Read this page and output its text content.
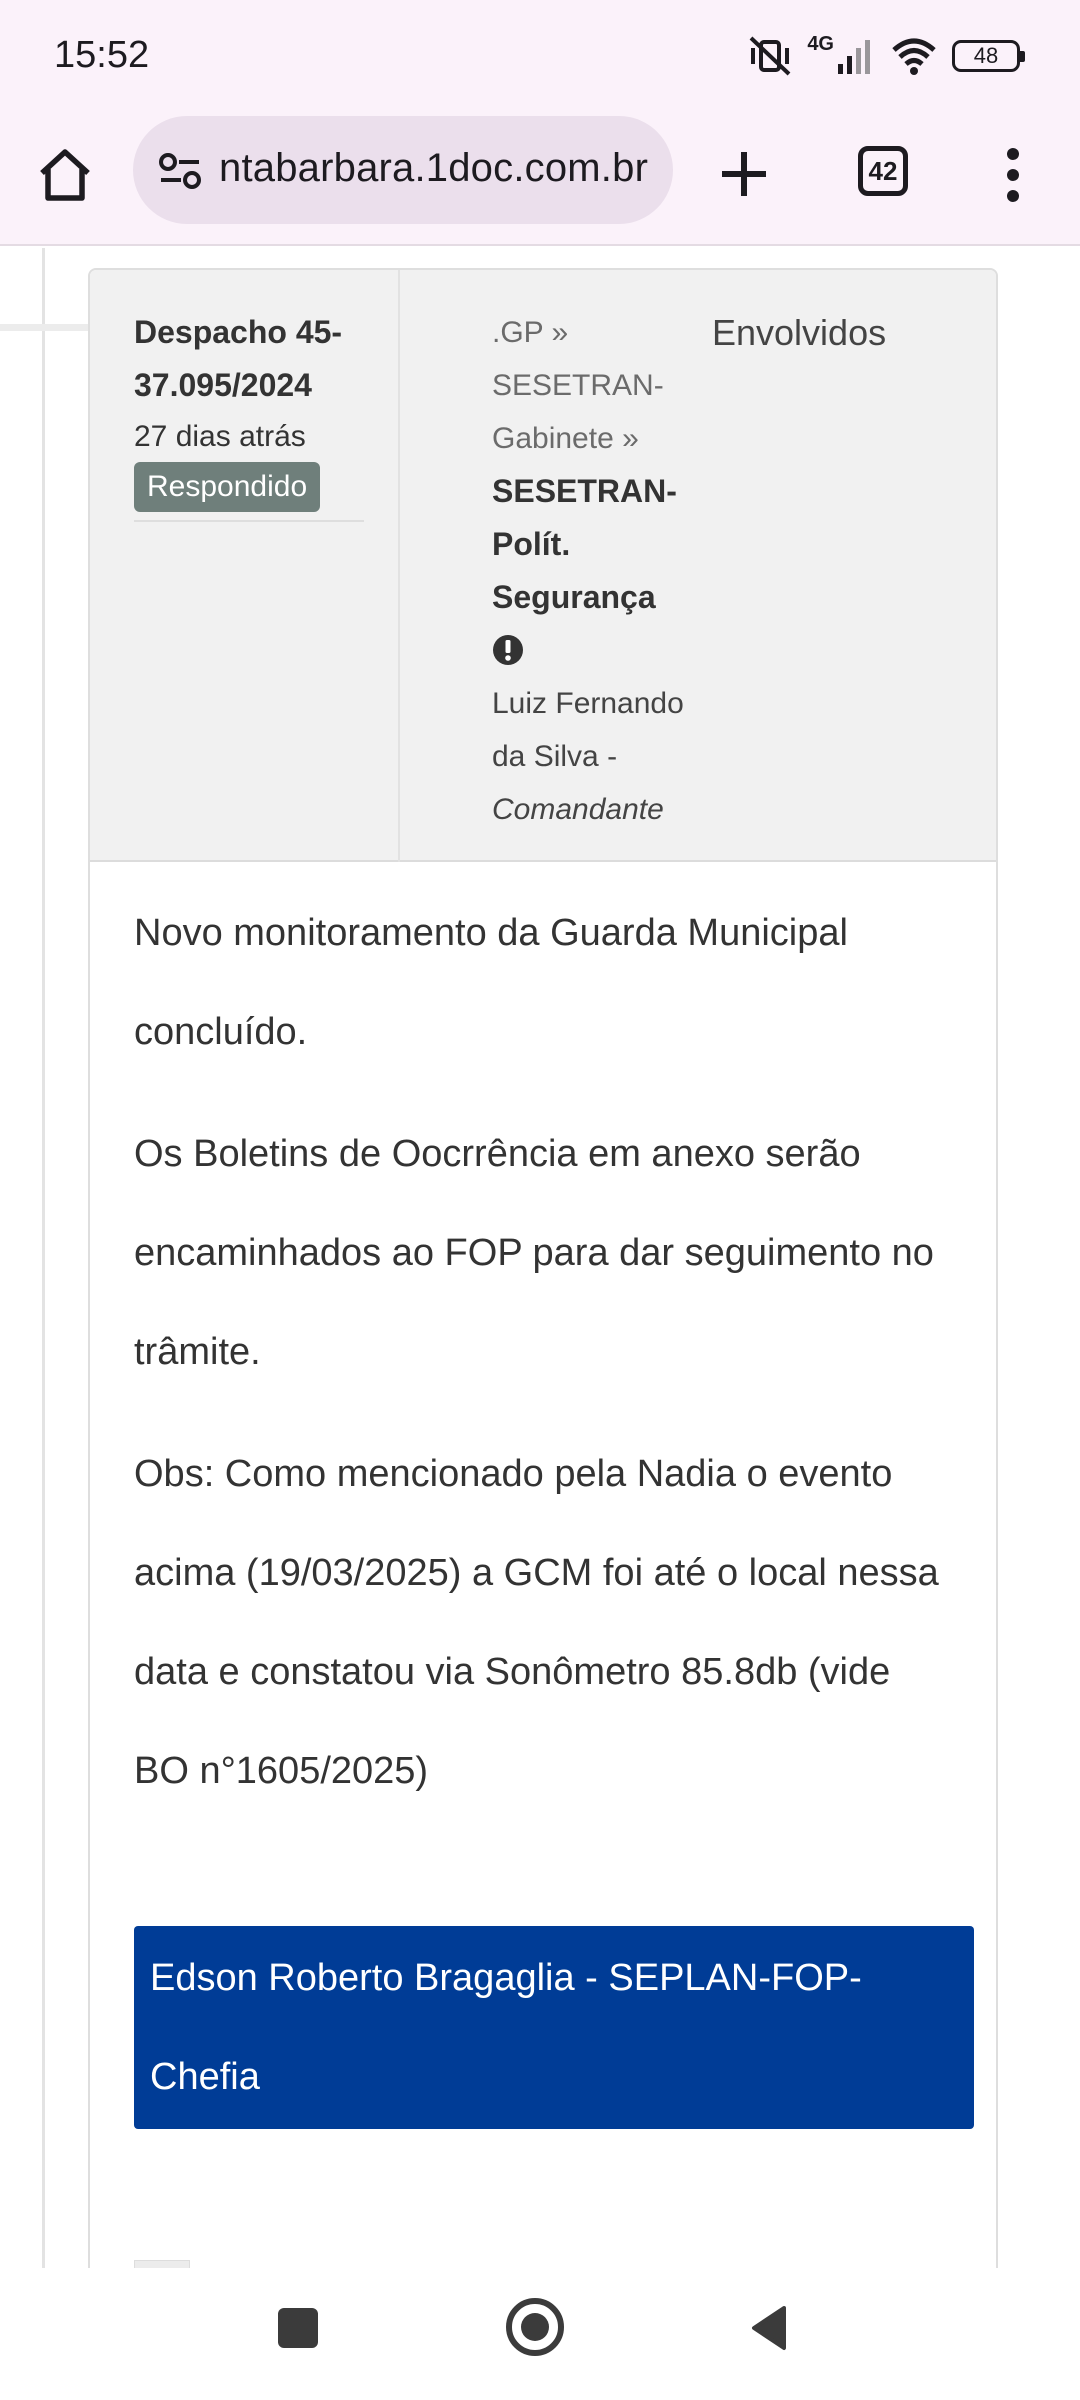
15:52	4G	48
ntabarbara.1doc.com.br	42
Despacho 45-
37.095/2024
27 dias atrás
Respondido
.GP »
SESETRAN-
Gabinete »
SESETRAN-
Polít.
Segurança
Luiz Fernando
da Silva -
Comandante
Envolvidos

Novo monitoramento da Guarda Municipal
concluído.

Os Boletins de Oocrrência em anexo serão
encaminhados ao FOP para dar seguimento no
trâmite.

Obs: Como mencionado pela Nadia o evento
acima (19/03/2025) a GCM foi até o local nessa
data e constatou via Sonômetro 85.8db (vide
BO n°1605/2025)

Edson Roberto Bragaglia - SEPLAN-FOP-
Chefia
